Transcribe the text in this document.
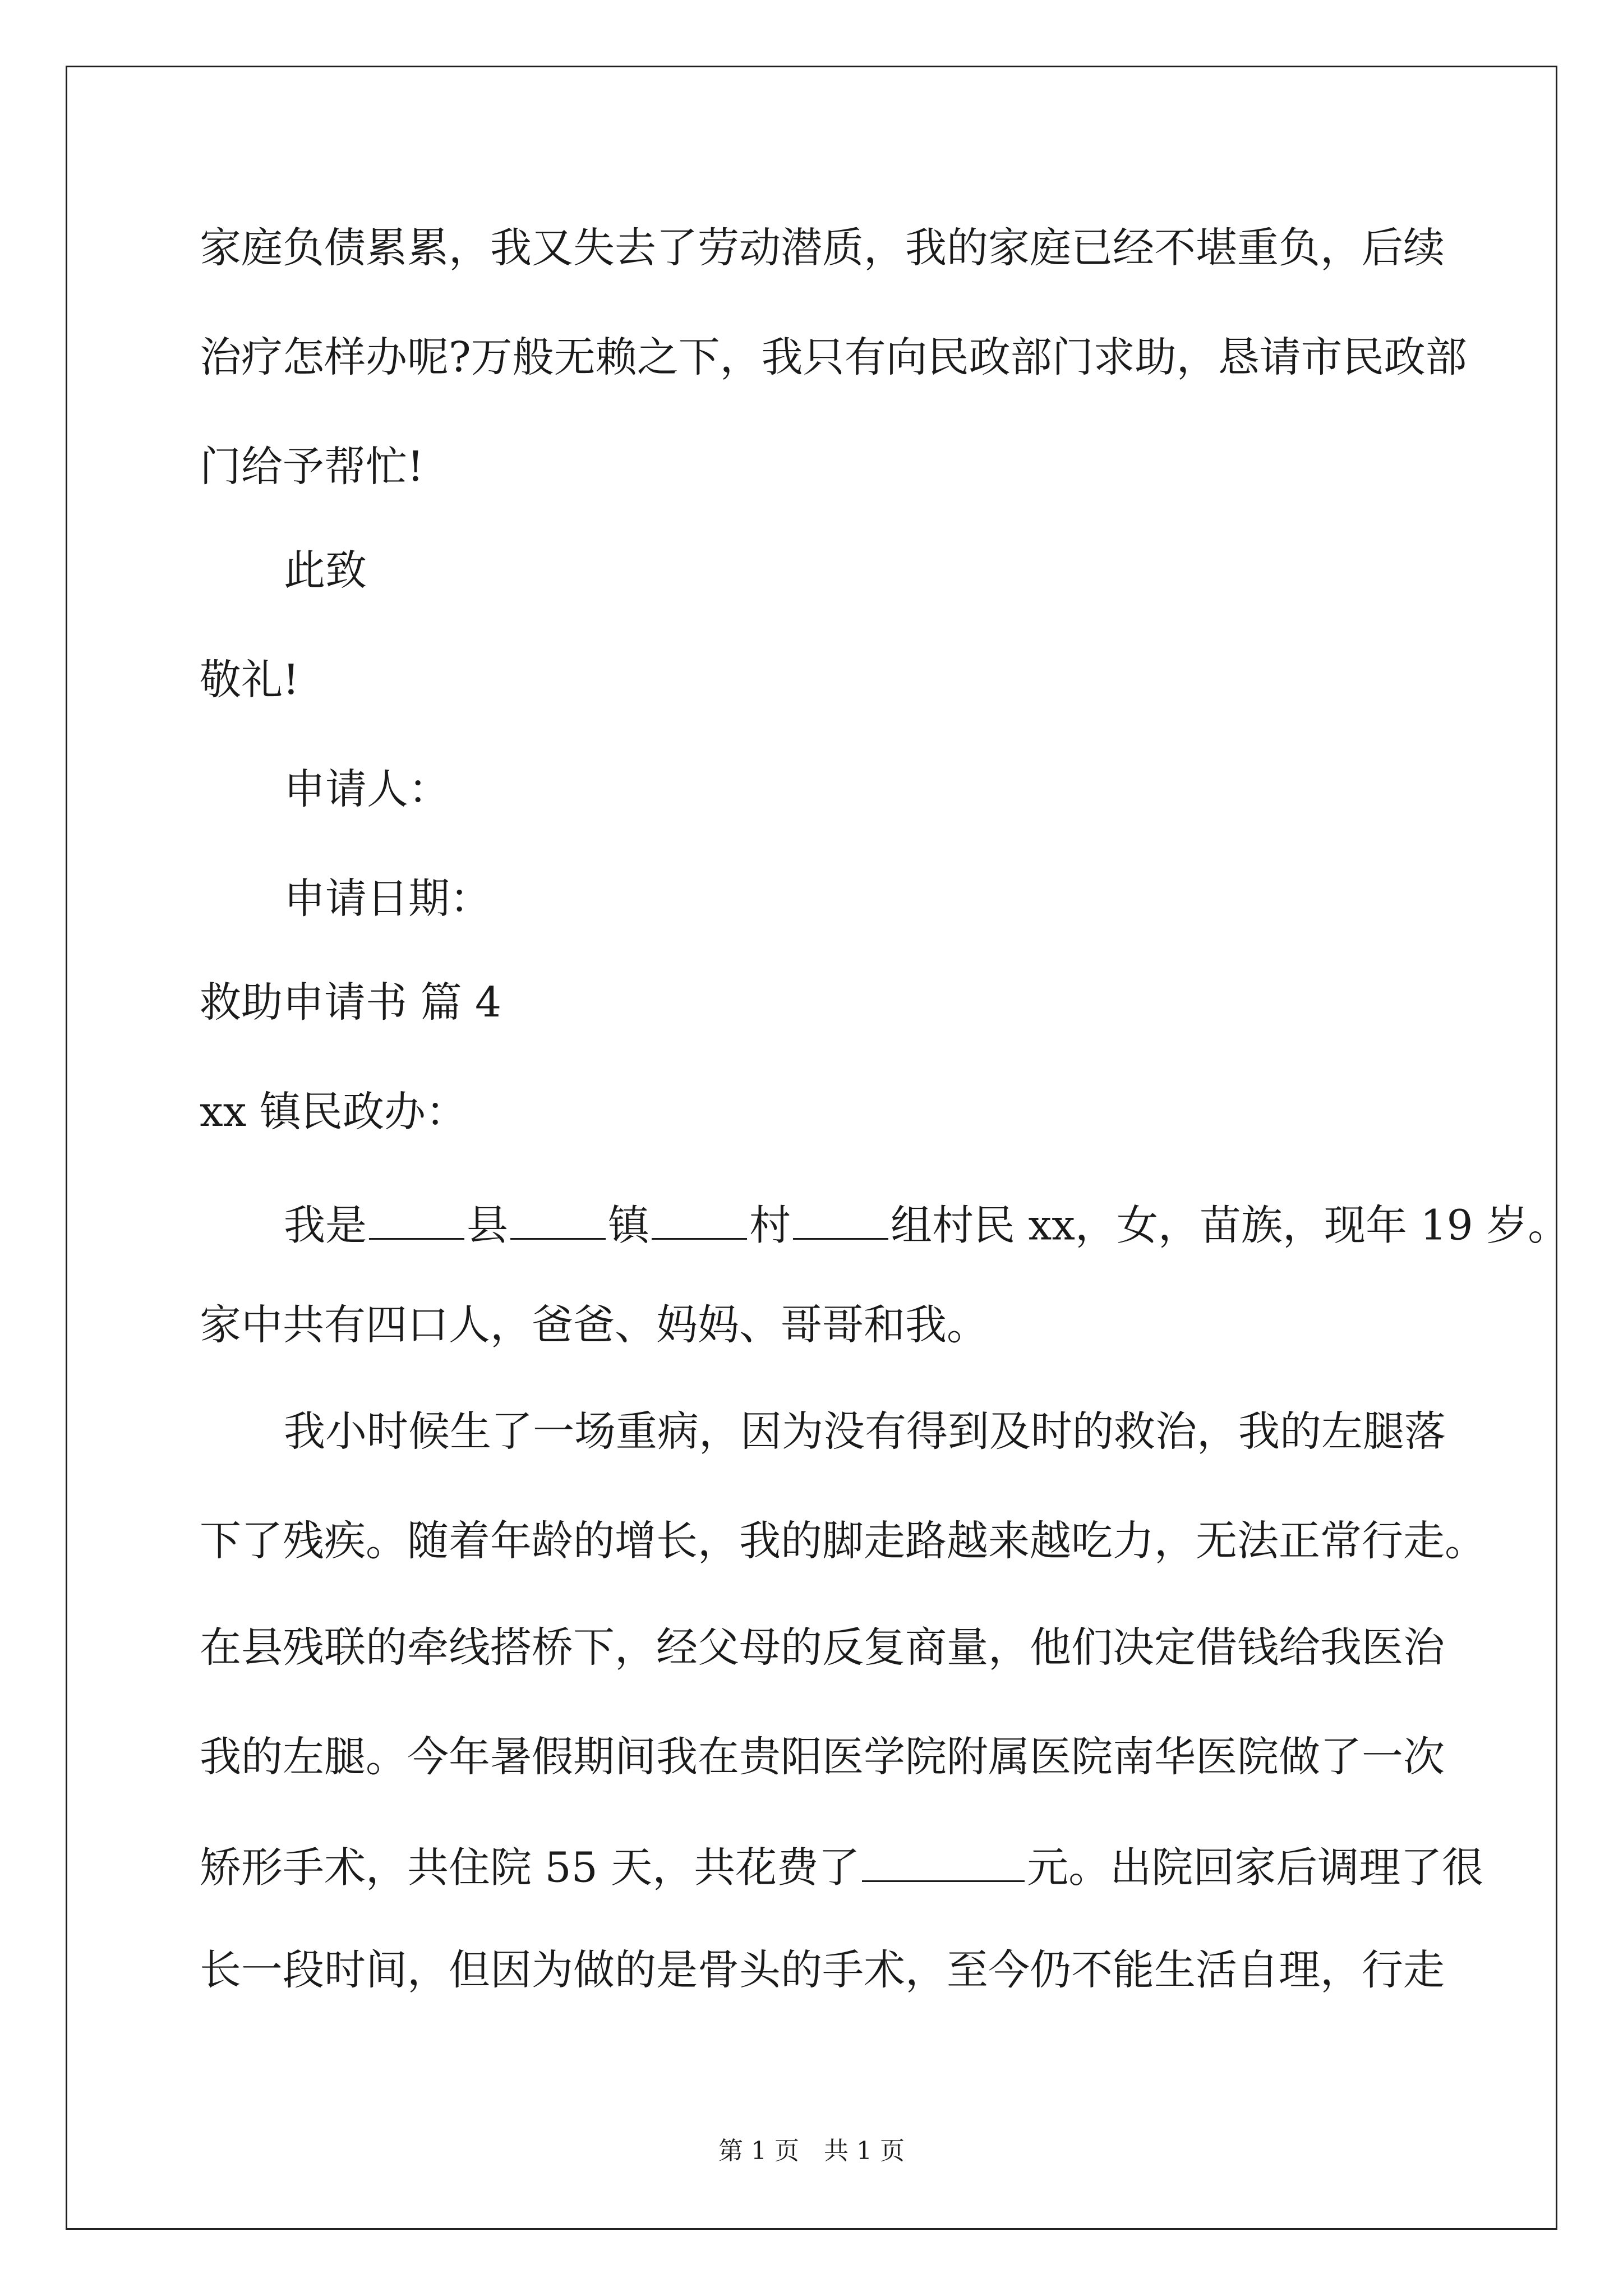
家庭负债累累，我又失去了劳动潜质，我的家庭已经不堪重负，后续
治疗怎样办呢?万般无赖之下，我只有向民政部门求助，恳请市民政部
门给予帮忙!
此致
敬礼!
申请人：
申请日期：
救助申请书 篇 4
xx 镇民政办：
我是 县 镇 村 组村民 xx，女，苗族，现年 19 岁。
家中共有四口人，爸爸、妈妈、哥哥和我。
我小时候生了一场重病，因为没有得到及时的救治，我的左腿落
下了残疾。随着年龄的增长，我的脚走路越来越吃力，无法正常行走。
在县残联的牵线搭桥下，经父母的反复商量，他们决定借钱给我医治
我的左腿。今年暑假期间我在贵阳医学院附属医院南华医院做了一次
矫形手术，共住院 55 天，共花费了	元。出院回家后调理了很
长一段时间，但因为做的是骨头的手术，至今仍不能生活自理，行走
第 1 页　共 1 页
